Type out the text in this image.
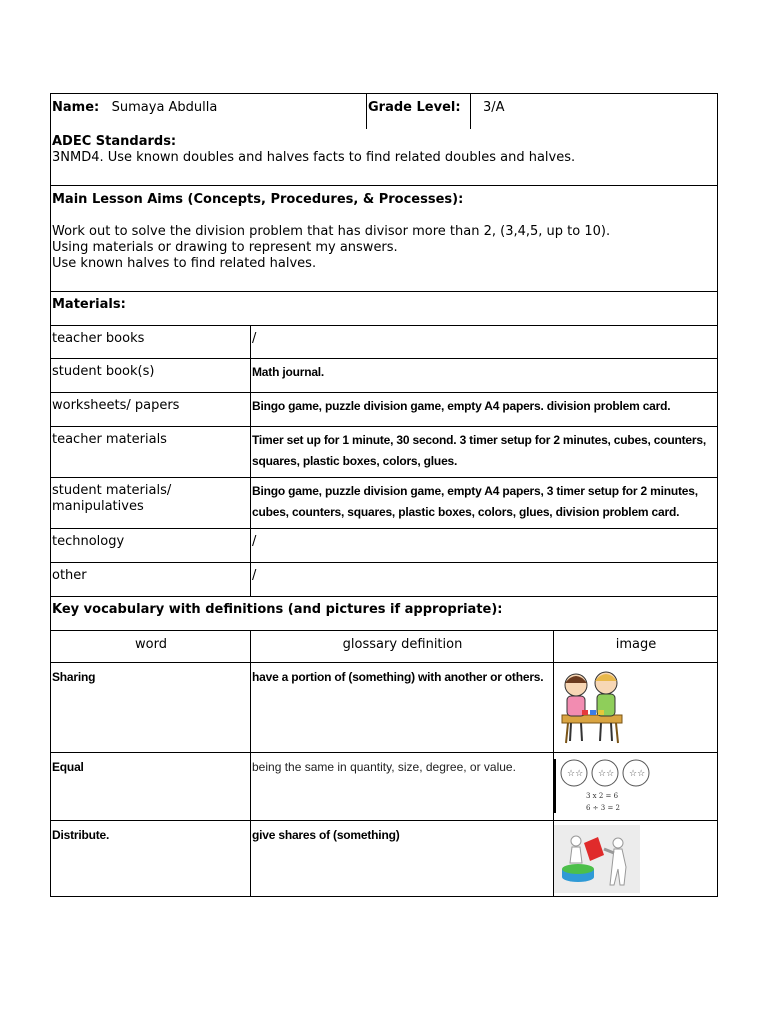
Name: Sumaya Abdulla		Grade Level:	3/A	

ADEC Standards:
3NMD4. Use known doubles and halves facts to find related doubles and halves.				

Main Lesson Aims (Concepts, Procedures, & Processes):
Work out to solve the division problem that has divisor more than 2, (3,4,5, up to 10).
Using materials or drawing to represent my answers.
Use known halves to find related halves.				

Materials:				
teacher books	/			
student book(s)	Math journal.			
worksheets/ papers	Bingo game, puzzle division game, empty A4 papers. division problem card.			
teacher materials	Timer set up for 1 minute, 30 second. 3 timer setup for 2 minutes, cubes, counters, squares, plastic boxes, colors, glues.			

student materials/
manipulatives	Bingo game, puzzle division game, empty A4 papers, 3 timer setup for 2 minutes, cubes, counters, squares, plastic boxes, colors, glues, division problem card.			
technology	/			
other	/			
Key vocabulary with definitions (and pictures if appropriate):				
word	glossary definition			image
Sharing	have a portion of (something) with another or others.	

Equal	being the same in quantity, size, degree, or value.			☆☆ ☆☆ ☆☆
3 x 2 = 6
6 ÷ 3 = 2

Distribute.	give shares of (something)	
